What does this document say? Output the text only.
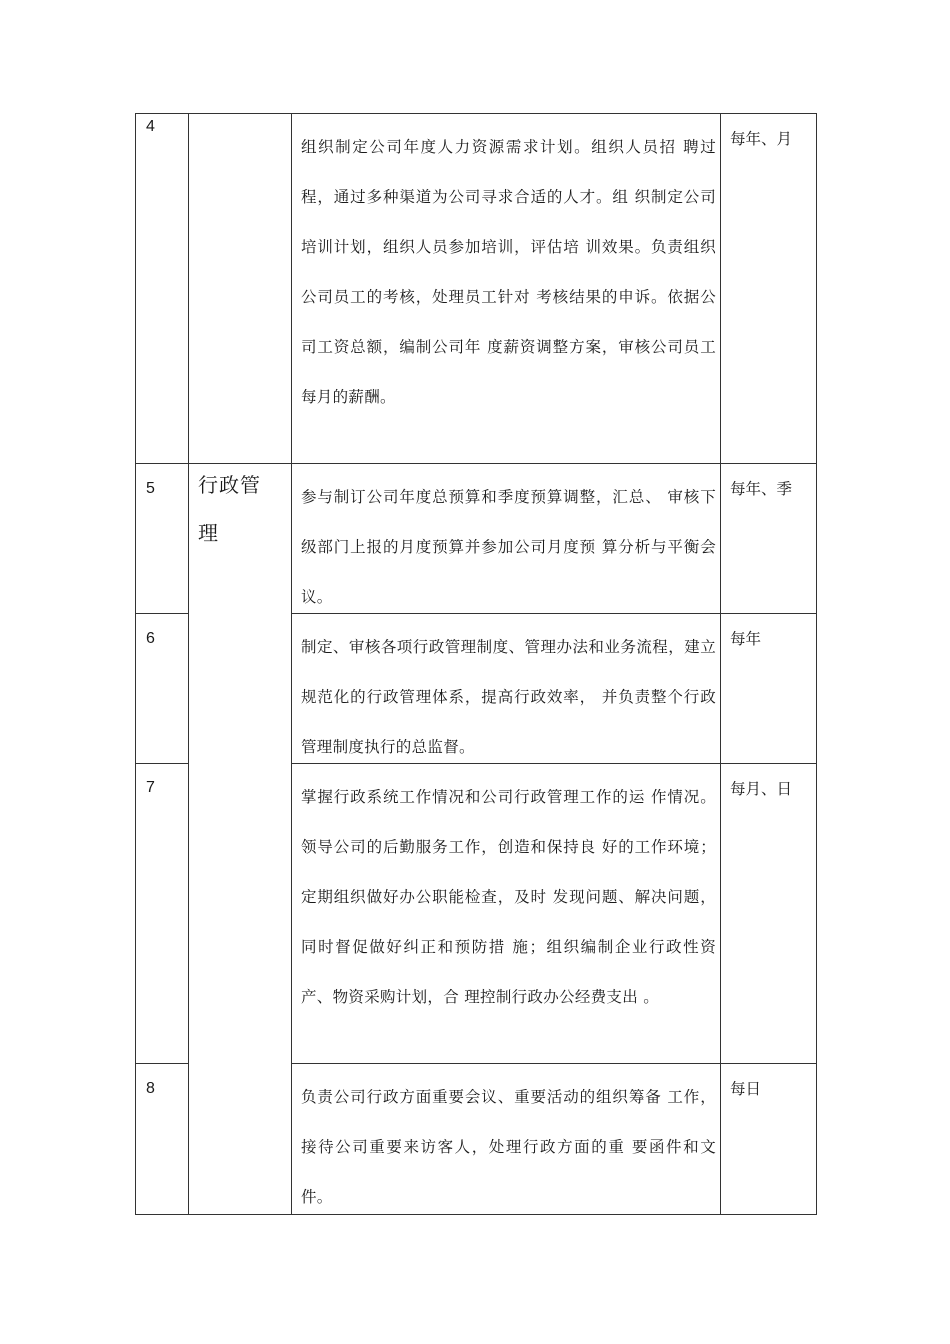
4
组织制定公司年度人力资源需求计划。组织人员招 聘过程，通过多种渠道为公司寻求合适的人才。组 织制定公司培训计划，组织人员参加培训，评估培 训效果。负责组织公司员工的考核，处理员工针对 考核结果的申诉。依据公司工资总额，编制公司年 度薪资调整方案，审核公司员工每月的薪酬。
每年、月
5 行政管理
参与制订公司年度总预算和季度预算调整，汇总、 审核下级部门上报的月度预算并参加公司月度预 算分析与平衡会议。
每年、季
6	制定、审核各项行政管理制度、管理办法和业务流程，建立规范化的行政管理体系，提高行政效率， 并负责整个行政管理制度执行的总监督。
每年
7
掌握行政系统工作情况和公司行政管理工作的运 作情况。领导公司的后勤服务工作，创造和保持良 好的工作环境；定期组织做好办公职能检查，及时 发现问题、解决问题，同时督促做好纠正和预防措 施；组织编制企业行政性资产、物资采购计划，合 理控制行政办公经费支出 。
每月、日
8	负责公司行政方面重要会议、重要活动的组织筹备 工作，接待公司重要来访客人，处理行政方面的重 要函件和文件。
每日
